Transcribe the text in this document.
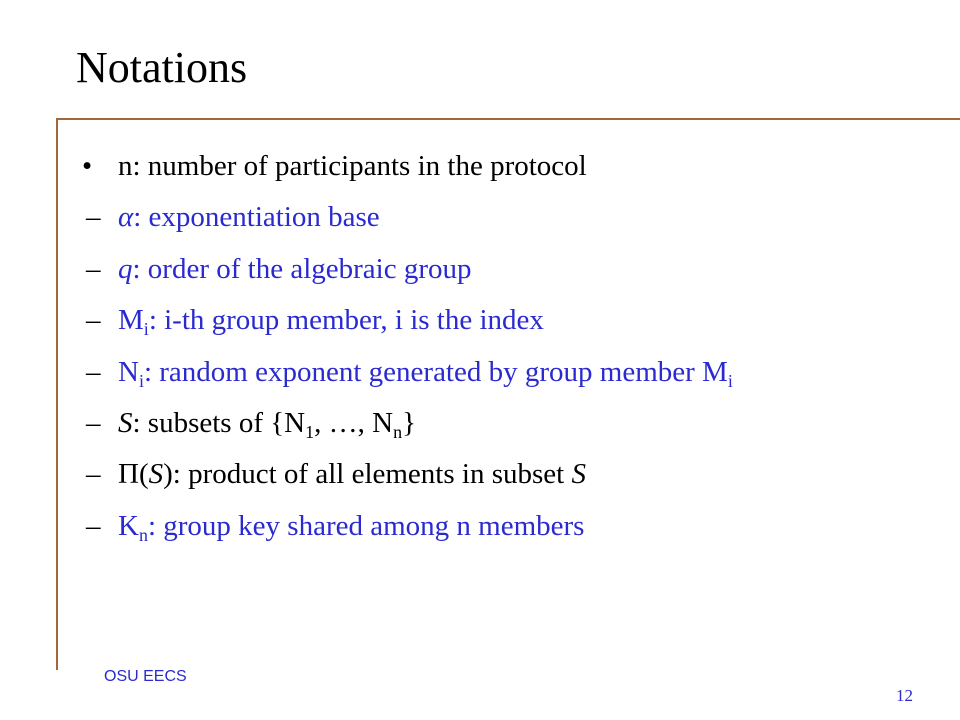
Notations
• n: number of participants in the protocol
– α: exponentiation base
– q: order of the algebraic group
– $M_i$: i-th group member, i is the index
– $N_i$: random exponent generated by group member $M_i$
– S: subsets of {$N_1$, …, $N_n$}
– Π(S): product of all elements in subset S
– $K_n$: group key shared among n members
OSU EECS
12
